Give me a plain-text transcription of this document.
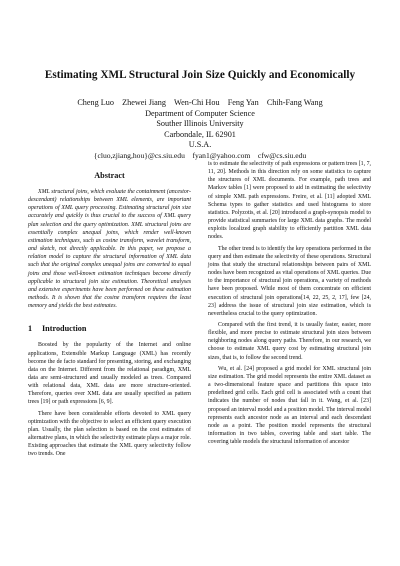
Estimating XML Structural Join Size Quickly and Economically
Cheng Luo    Zhewei Jiang    Wen-Chi Hou    Feng Yan    Chih-Fang Wang
Department of Computer Science
Souther Illinois University
Carbondale, IL 62901
U.S.A.
{cluo,zjiang,hou}@cs.siu.edu    fyan1@yahoo.com    cfw@cs.siu.edu
Abstract

XML structural joins, which evaluate the containment (ancestor-descendant) relationships between XML elements, are important operations of XML query processing. Estimating structural join size accurately and quickly is thus crucial to the success of XML query plan selection and the query optimization. XML structural joins are essentially complex unequal joins, which render well-known estimation techniques, such as cosine transform, wavelet transform, and sketch, not directly applicable. In this paper, we propose a relation model to capture the structural information of XML data such that the original complex unequal joins are converted to equal joins and those well-known estimation techniques become directly applicable to structural join size estimation. Theoretical analyses and extensive experiments have been performed on these estimation methods. It is shown that the cosine transform requires the least memory and yields the best estimates.

1 Introduction

Boosted by the popularity of the Internet and online applications, Extensible Markup Language (XML) has recently become the de facto standard for presenting, storing, and exchanging data on the Internet. Different from the relational paradigm, XML data are semi-structured and usually modeled as trees. Compared with relational data, XML data are more structure-oriented. Therefore, queries over XML data are usually specified as pattern trees [19] or path expressions [6, 9].

There have been considerable efforts devoted to XML query optimization with the objective to select an efficient query execution plan. Usually, the plan selection is based on the cost estimates of alternative plans, in which the selectivity estimate plays a major role. Existing approaches that estimate the XML query selectivity follow two trends. One

is to estimate the selectivity of path expressions or pattern trees [1, 7, 11, 20]. Methods in this direction rely on some statistics to capture the structures of XML documents. For example, path trees and Markov tables [1] were proposed to aid in estimating the selectivity of simple XML path expressions. Freire, et al. [11] adopted XML Schema types to gather statistics and used histograms to store statistics. Polyzotis, et al. [20] introduced a graph-synopsis model to provide statistical summaries for large XML data graphs. The model exploits localized graph stability to efficiently partition XML data nodes.

The other trend is to identify the key operations performed in the query and then estimate the selectivity of these operations. Structural joins that study the structural relationships between pairs of XML nodes have been recognized as vital operations of XML queries. Due to the importance of structural join operations, a variety of methods have been proposed. While most of them concentrate on efficient execution of structural join operations[14, 22, 25, 2, 17], few [24, 23] address the issue of structural join size estimation, which is nevertheless crucial to the query optimization.

Compared with the first trend, it is usually faster, easier, more flexible, and more precise to estimate structural join sizes between neighboring nodes along query paths. Therefore, in our research, we choose to estimate XML query cost by estimating structural join sizes, that is, to follow the second trend.

Wu, et al. [24] proposed a grid model for XML structural join size estimation. The grid model represents the entire XML dataset as a two-dimensional feature space and partitions this space into predefined grid cells. Each grid cell is associated with a count that indicates the number of nodes that fall in it. Wang, et al. [23] proposed an interval model and a position model. The interval model represents each ancestor node as an interval and each descendant node as a point. The position model represents the structural information in two tables, covering table and start table. The covering table models the structural information of ancestor
